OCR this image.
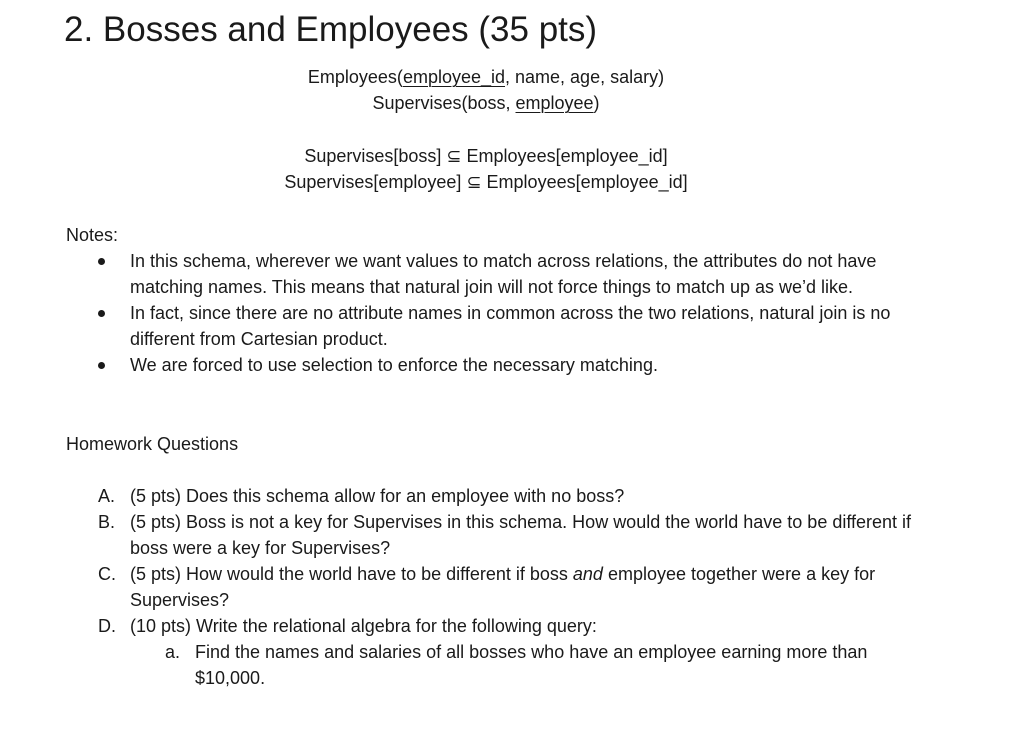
2. Bosses and Employees (35 pts)
Employees(employee_id, name, age, salary)
Supervises(boss, employee)
Supervises[boss] ⊆ Employees[employee_id]
Supervises[employee] ⊆ Employees[employee_id]
Notes:
In this schema, wherever we want values to match across relations, the attributes do not have matching names. This means that natural join will not force things to match up as we’d like.
In fact, since there are no attribute names in common across the two relations, natural join is no different from Cartesian product.
We are forced to use selection to enforce the necessary matching.
Homework Questions
A. (5 pts) Does this schema allow for an employee with no boss?
B. (5 pts) Boss is not a key for Supervises in this schema. How would the world have to be different if boss were a key for Supervises?
C. (5 pts) How would the world have to be different if boss and employee together were a key for Supervises?
D. (10 pts) Write the relational algebra for the following query:
a. Find the names and salaries of all bosses who have an employee earning more than $10,000.
